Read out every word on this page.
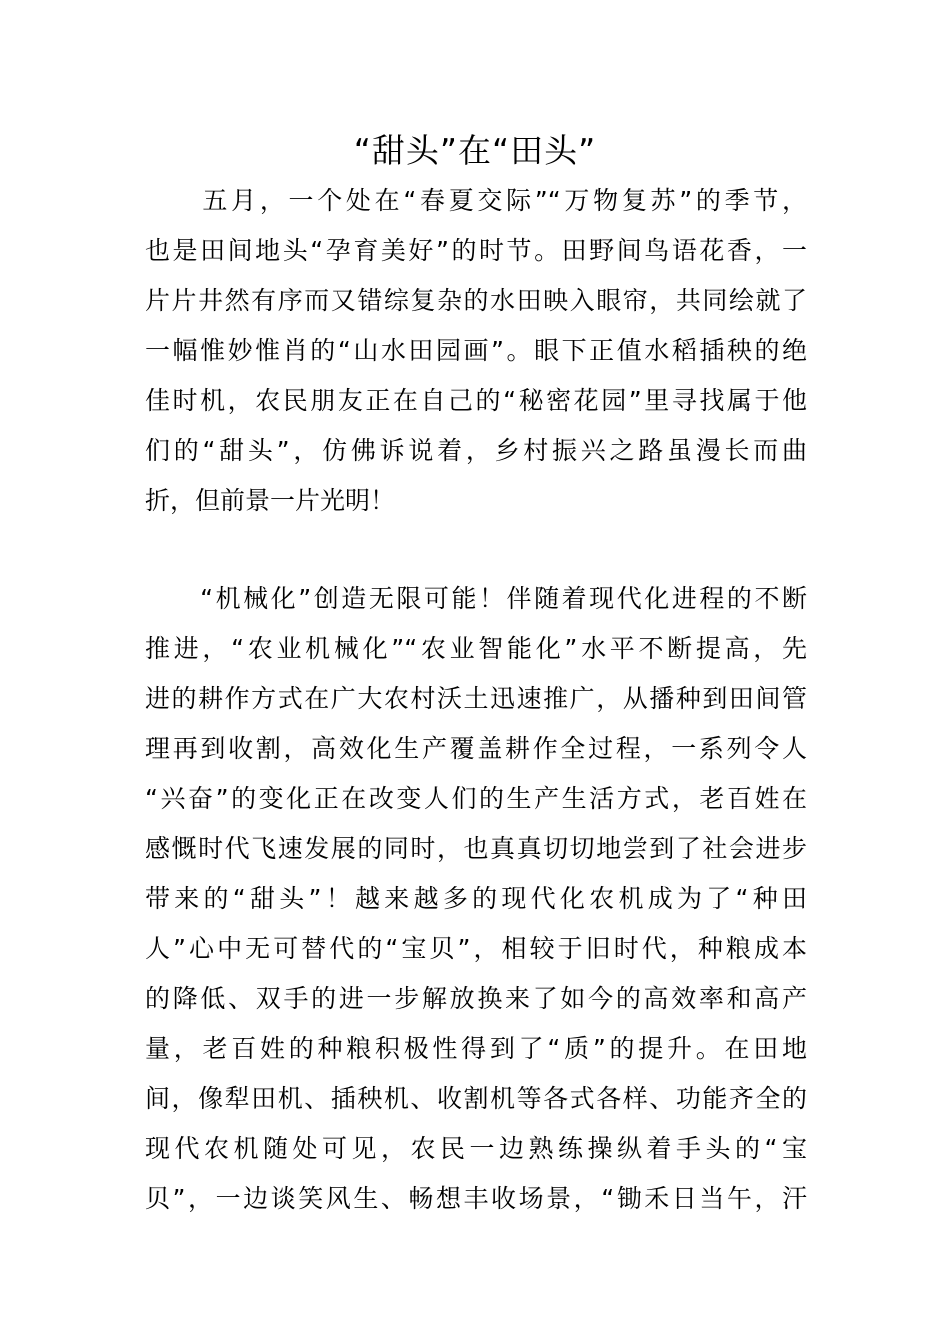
“甜头”在“田头”
　　五月，一个处在“春夏交际”“万物复苏”的季节，
也是田间地头“孕育美好”的时节。田野间鸟语花香，一
片片井然有序而又错综复杂的水田映入眼帘，共同绘就了
一幅惟妙惟肖的“山水田园画”。眼下正值水稻插秧的绝
佳时机，农民朋友正在自己的“秘密花园”里寻找属于他
们的“甜头”，仿佛诉说着，乡村振兴之路虽漫长而曲
折，但前景一片光明！
　　“机械化”创造无限可能！伴随着现代化进程的不断
推进，“农业机械化”“农业智能化”水平不断提高，先
进的耕作方式在广大农村沃土迅速推广，从播种到田间管
理再到收割，高效化生产覆盖耕作全过程，一系列令人
“兴奋”的变化正在改变人们的生产生活方式，老百姓在
感慨时代飞速发展的同时，也真真切切地尝到了社会进步
带来的“甜头”！越来越多的现代化农机成为了“种田
人”心中无可替代的“宝贝”，相较于旧时代，种粮成本
的降低、双手的进一步解放换来了如今的高效率和高产
量，老百姓的种粮积极性得到了“质”的提升。在田地
间，像犁田机、插秧机、收割机等各式各样、功能齐全的
现代农机随处可见，农民一边熟练操纵着手头的“宝
贝”，一边谈笑风生、畅想丰收场景，“锄禾日当午，汗
